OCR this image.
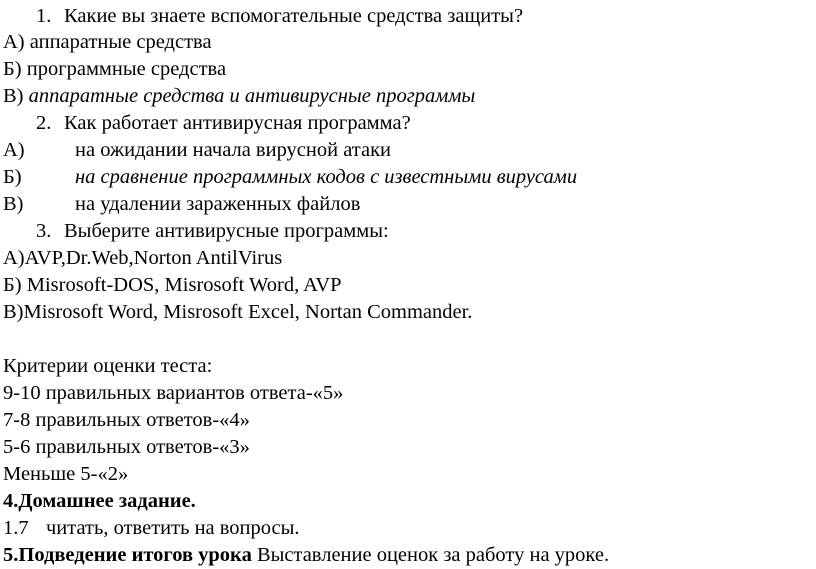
1. Какие вы знаете вспомогательные средства защиты?
А) аппаратные средства
Б) программные средства
В) аппаратные средства и антивирусные программы
2. Как работает антивирусная программа?
А) на ожидании начала вирусной атаки
Б)	на сравнение программных кодов с известными вирусами
В)	на удалении зараженных файлов
3. Выберите антивирусные программы:
А)AVP,Dr.Web,Norton AntilVirus
Б) Misrosoft-DOS, Misrosoft Word, AVP
В)Misrosoft Word, Misrosoft Excel, Nortan Commander.
Критерии оценки теста:
9-10 правильных вариантов ответа-«5»
7-8 правильных ответов-«4»
5-6 правильных ответов-«3»
Меньше 5-«2»
4.Домашнее задание.
1.7 читать, ответить на вопросы.
5.Подведение итогов урока Выставление оценок за работу на уроке.
